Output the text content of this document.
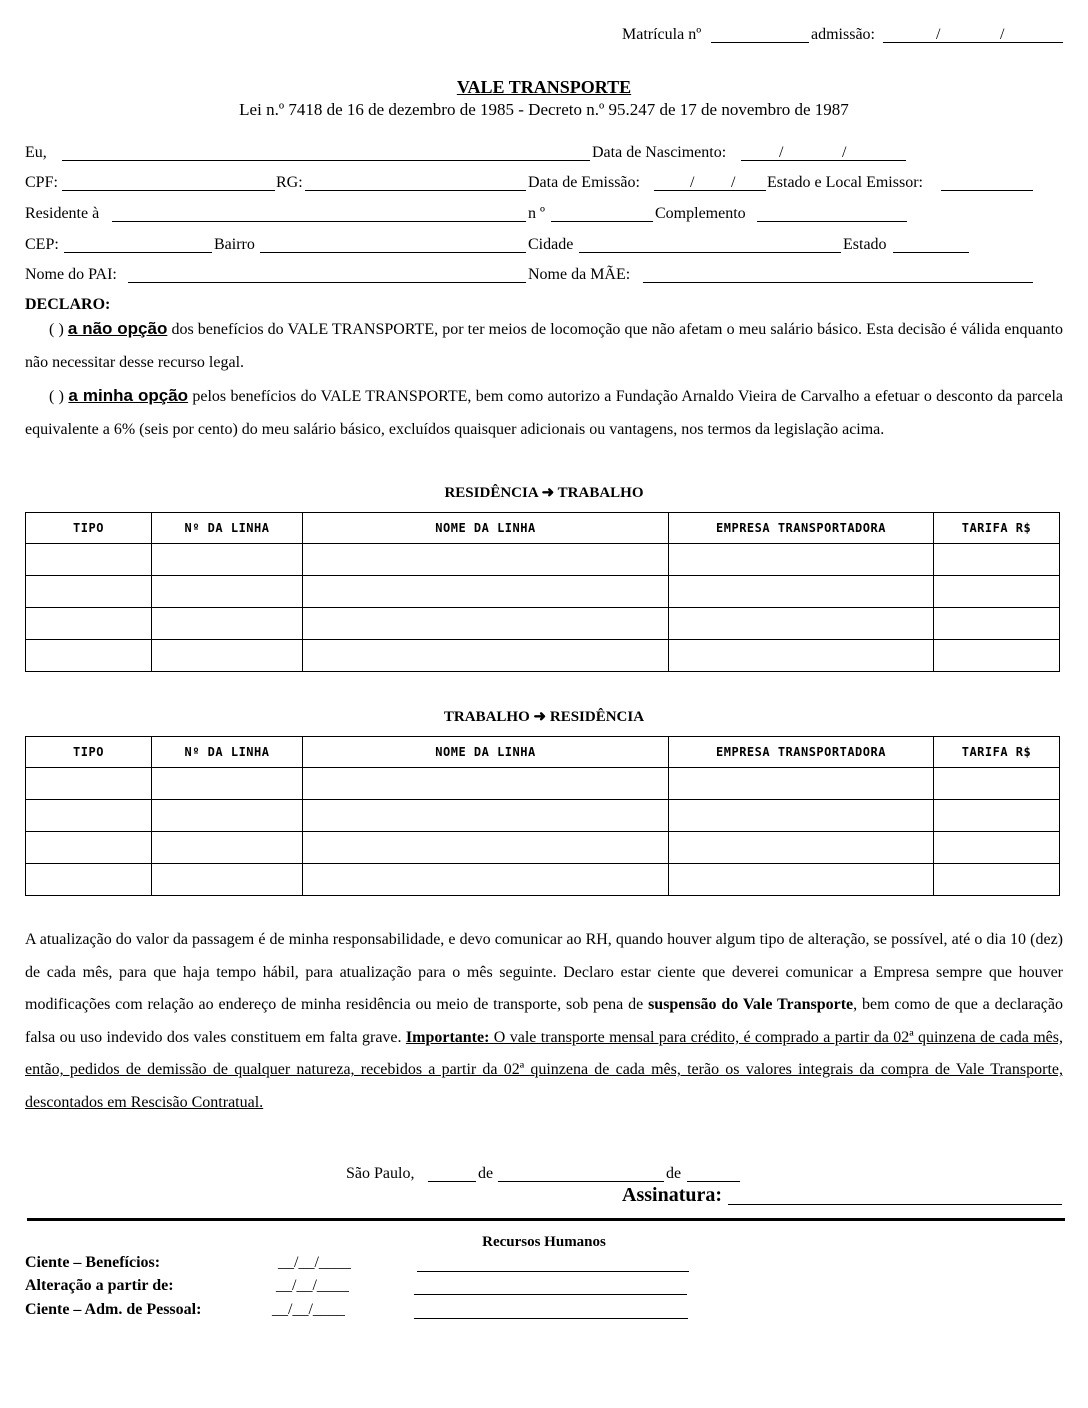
Matrícula nº	admissão:	/	/
VALE TRANSPORTE
Lei n.º 7418 de 16 de dezembro de 1985 - Decreto n.º 95.247 de 17 de novembro de 1987
Eu,	Data de Nascimento:	/	/
CPF:	RG:	Data de Emissão:	/ / Estado e Local Emissor:
Residente à	n º	Complemento
CEP:	Bairro	Cidade	Estado
Nome do PAI:	Nome da MÃE:
DECLARO:
( ) a não opção dos benefícios do VALE TRANSPORTE, por ter meios de locomoção que não afetam o meu salário básico. Esta decisão é válida enquanto não necessitar desse recurso legal.
( ) a minha opção pelos benefícios do VALE TRANSPORTE, bem como autorizo a Fundação Arnaldo Vieira de Carvalho a efetuar o desconto da parcela equivalente a 6% (seis por cento) do meu salário básico, excluídos quaisquer adicionais ou vantagens, nos termos da legislação acima.
RESIDÊNCIA ➜ TRABALHO
TIPO	Nº DA LINHA	NOME DA LINHA	EMPRESA TRANSPORTADORA	TARIFA R$

TRABALHO ➜ RESIDÊNCIA
TIPO	Nº DA LINHA	NOME DA LINHA	EMPRESA TRANSPORTADORA	TARIFA R$

A atualização do valor da passagem é de minha responsabilidade, e devo comunicar ao RH, quando houver algum tipo de alteração, se possível, até o dia 10 (dez) de cada mês, para que haja tempo hábil, para atualização para o mês seguinte. Declaro estar ciente que deverei comunicar a Empresa sempre que houver modificações com relação ao endereço de minha residência ou meio de transporte, sob pena de suspensão do Vale Transporte, bem como de que a declaração falsa ou uso indevido dos vales constituem em falta grave. Importante: O vale transporte mensal para crédito, é comprado a partir da 02ª quinzena de cada mês, então, pedidos de demissão de qualquer natureza, recebidos a partir da 02ª quinzena de cada mês, terão os valores integrais da compra de Vale Transporte, descontados em Rescisão Contratual.
São Paulo,	de	de
Assinatura:
Recursos Humanos
Ciente – Benefícios:	__/__/____
Alteração a partir de:	__/__/____
Ciente – Adm. de Pessoal:	__/__/____
